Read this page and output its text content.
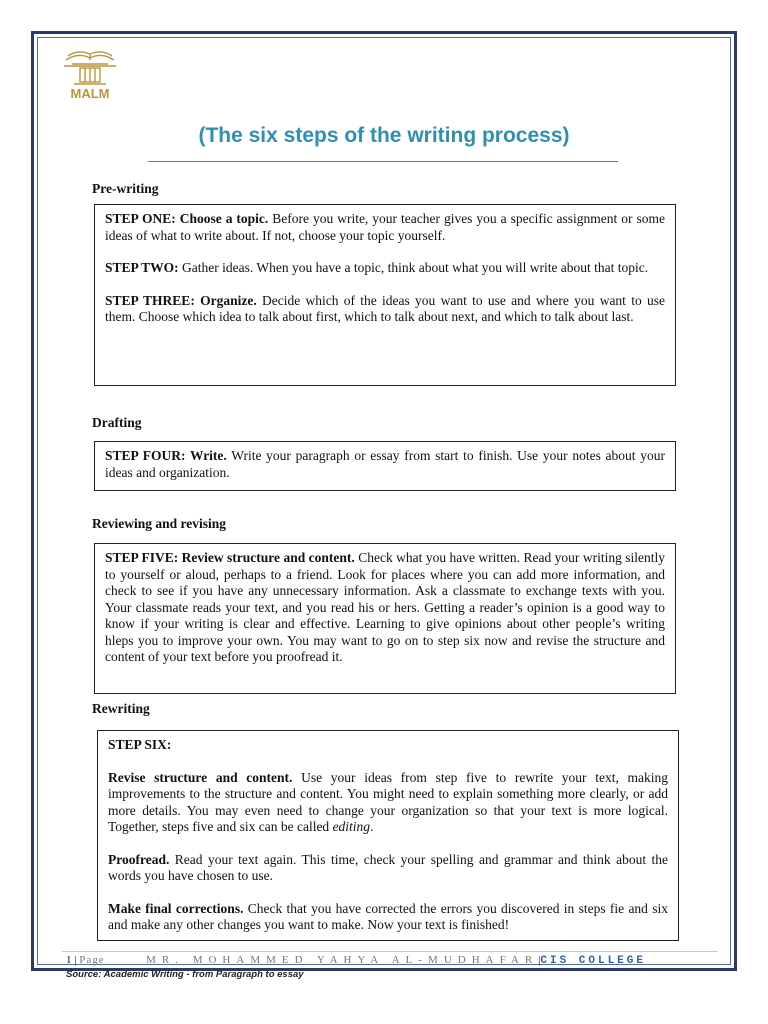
MALM
(The six steps of the writing process)
Pre-writing

STEP ONE: Choose a topic. Before you write, your teacher gives you a specific assignment or some ideas of what to write about. If not, choose your topic yourself.

STEP TWO: Gather ideas. When you have a topic, think about what you will write about that topic.

STEP THREE: Organize. Decide which of the ideas you want to use and where you want to use them. Choose which idea to talk about first, which to talk about next, and which to talk about last.

Drafting

STEP FOUR: Write. Write your paragraph or essay from start to finish. Use your notes about your ideas and organization.

Reviewing and revising

STEP FIVE: Review structure and content. Check what you have written. Read your writing silently to yourself or aloud, perhaps to a friend. Look for places where you can add more information, and check to see if you have any unnecessary information. Ask a classmate to exchange texts with you. Your classmate reads your text, and you read his or hers. Getting a reader’s opinion is a good way to know if your writing is clear and effective. Learning to give opinions about other people’s writing hleps you to improve your own. You may want to go on to step six now and revise the structure and content of your text before you proofread it.

Rewriting

STEP SIX:

Revise structure and content. Use your ideas from step five to rewrite your text, making improvements to the structure and content. You might need to explain something more clearly, or add more details. You may even need to change your organization so that your text is more logical. Together, steps five and six can be called editing.

Proofread. Read your text again. This time, check your spelling and grammar and think about the words you have chosen to use.

Make final corrections. Check that you have corrected the errors you discovered in steps fie and six and make any other changes you want to make. Now your text is finished!

1 | Page	MR. MOHAMMED YAHYA AL-MUDHAFAR|CIS COLLEGE
Source: Academic Writing - from Paragraph to essay
